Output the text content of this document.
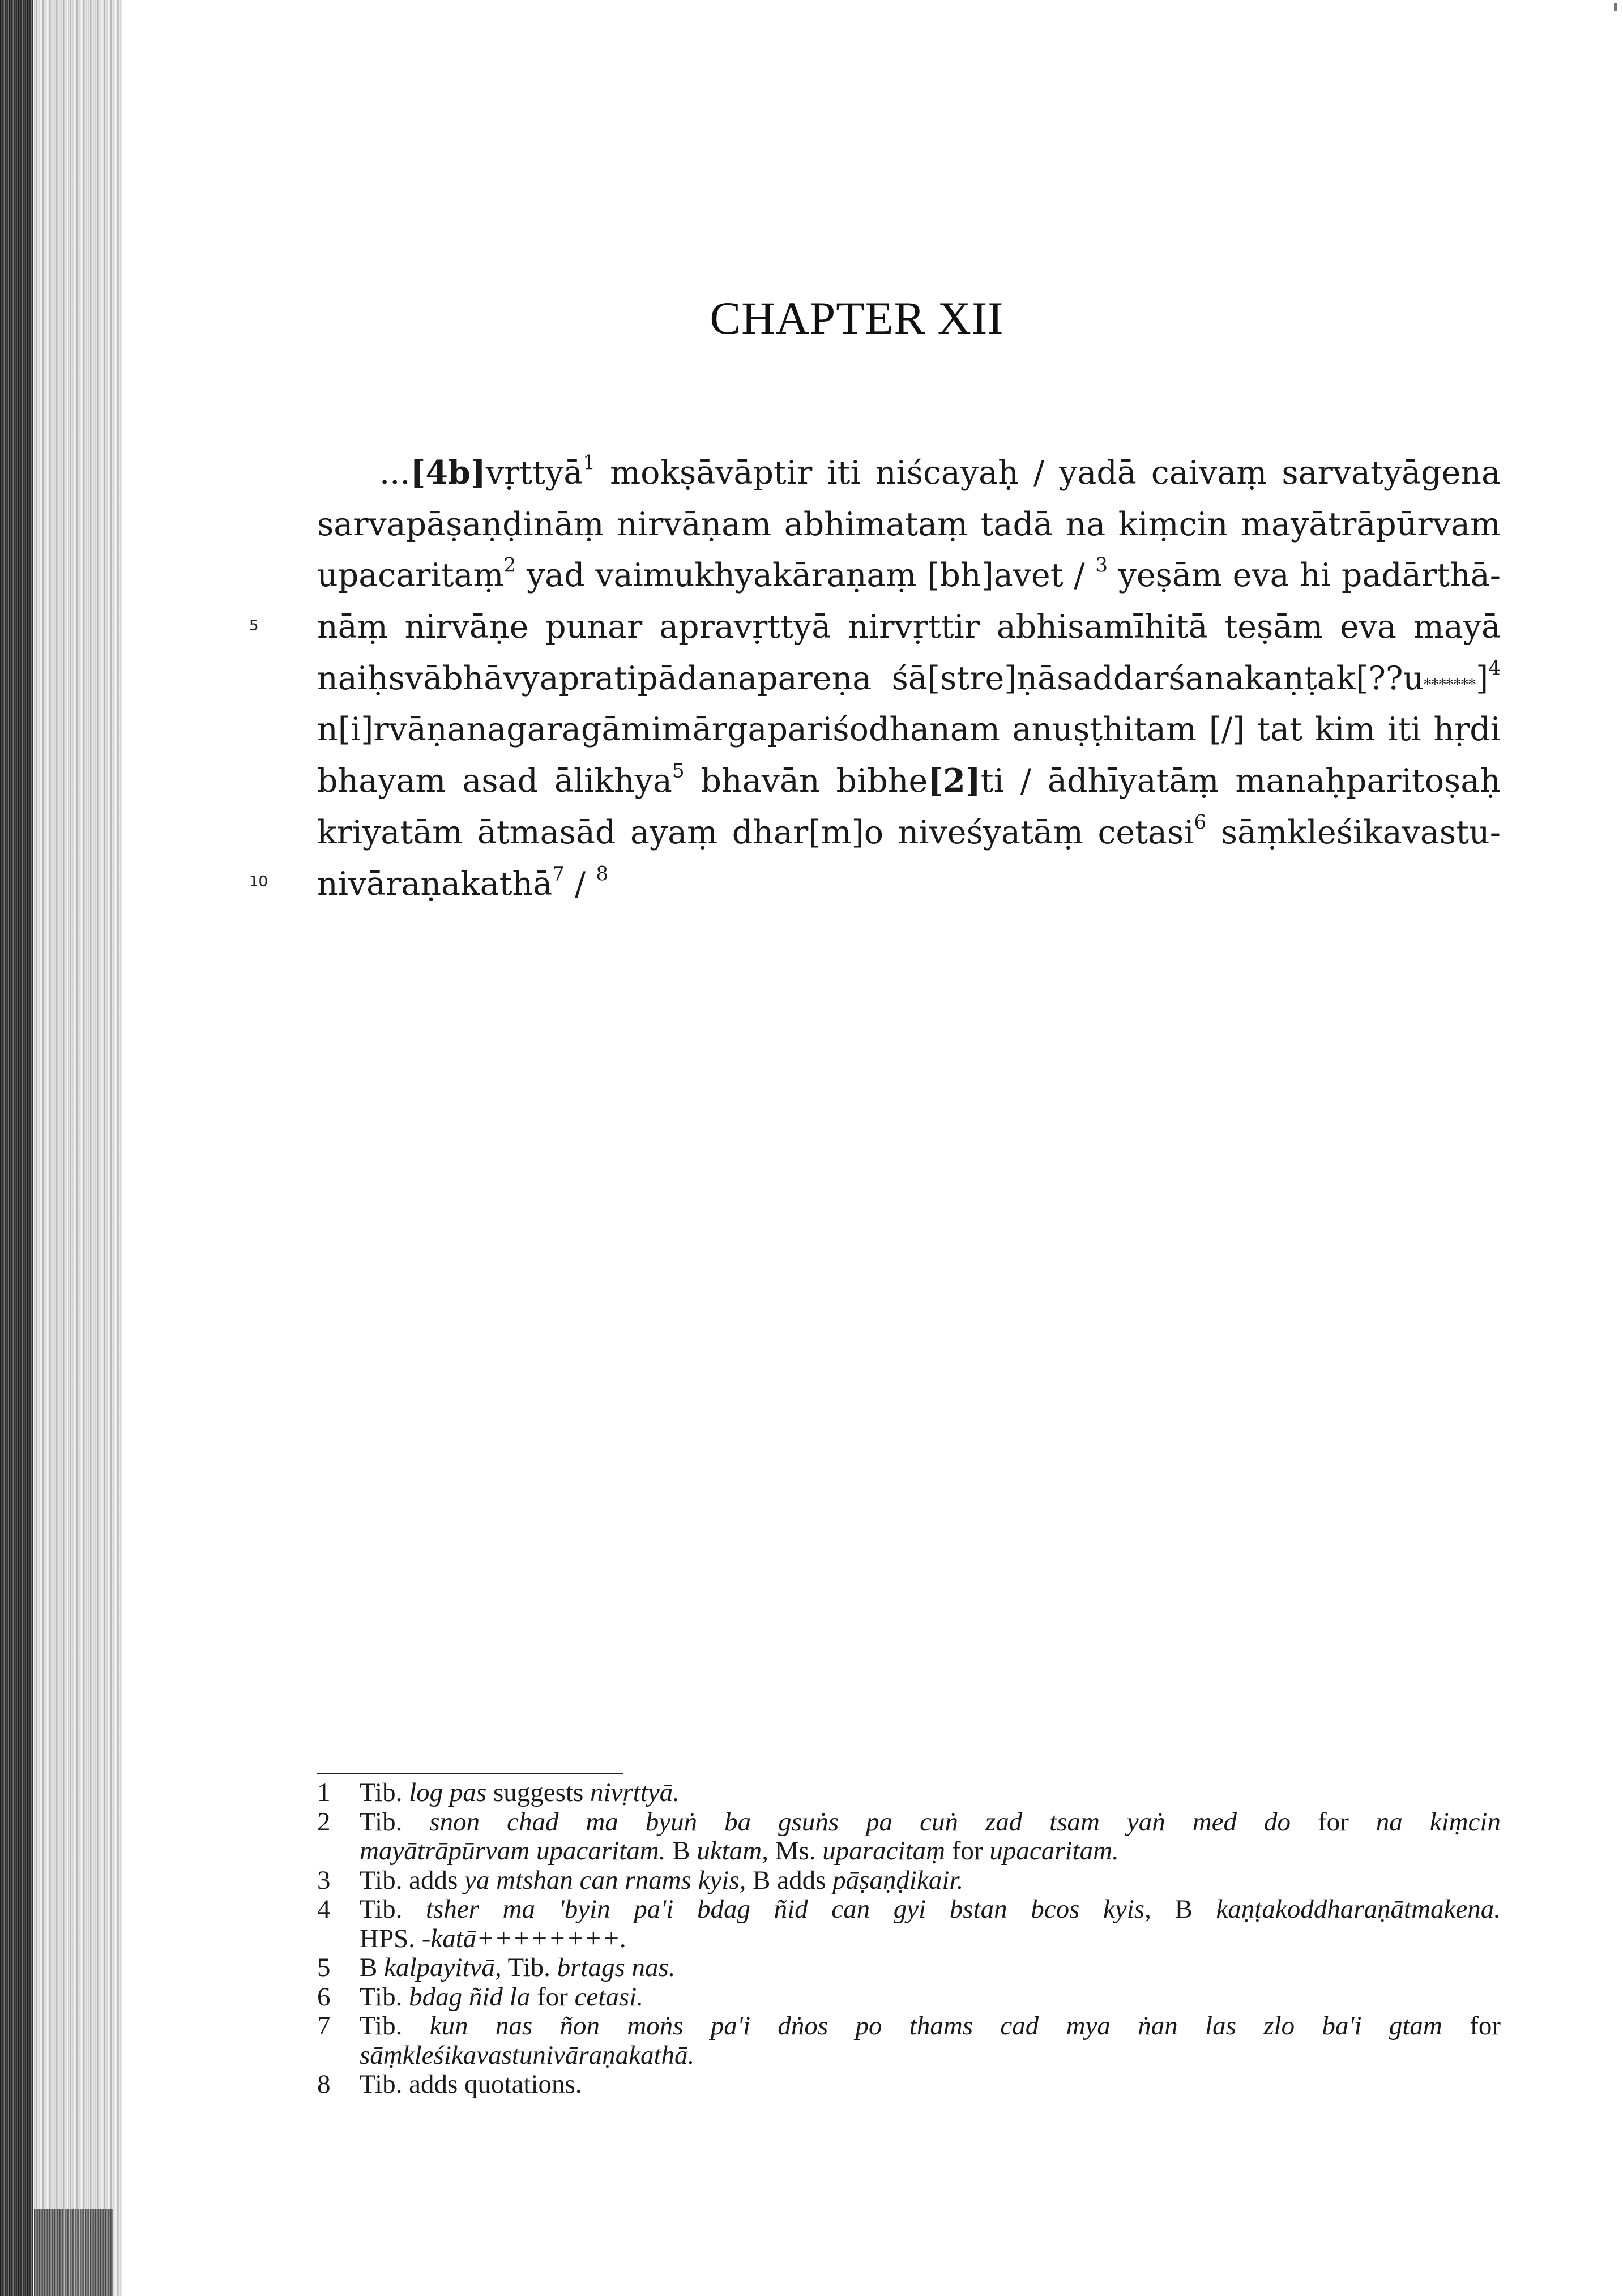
CHAPTER XII
5
10
...[4b]vṛttyā$^1$ mokṣāvāptir iti niścayaḥ / yadā caivaṃ sarvatyāgena
sarvapāṣaṇḍināṃ nirvāṇam abhimataṃ tadā na kiṃcin mayātrāpūrvam
upacaritaṃ$^2$ yad vaimukhyakāraṇaṃ [bh]avet / $^3$ yeṣām eva hi padārthā-
nāṃ nirvāṇe punar apravṛttyā nirvṛttir abhisamīhitā teṣām eva mayā
naiḥsvābhāvyapratipādanapareṇa śā[stre]ṇāsaddarśanakaṇṭak[??u*******]$^4$
n[i]rvāṇanagaragāmimārgapariśodhanam anuṣṭhitam [/] tat kim iti hṛdi
bhayam asad ālikhya$^5$ bhavān bibhe[2]ti / ādhīyatāṃ manaḥparitoṣaḥ
kriyatām ātmasād ayaṃ dhar[m]o niveśyatāṃ cetasi$^6$ sāṃkleśikavastu-
nivāraṇakathā$^7$ / $^8$
1 Tib. log pas suggests nivṛttyā.
2 Tib. snon chad ma byuṅ ba gsuṅs pa cuṅ zad tsam yaṅ med do for na kiṃcin
mayātrāpūrvam upacaritam. B uktam, Ms. uparacitaṃ for upacaritam.
3 Tib. adds ya mtshan can rnams kyis, B adds pāṣaṇḍikair.
4 Tib. tsher ma 'byin pa'i bdag ñid can gyi bstan bcos kyis, B kaṇṭakoddharaṇātmakena.
HPS. -katā++++++++.
5 B kalpayitvā, Tib. brtags nas.
6 Tib. bdag ñid la for cetasi.
7 Tib. kun nas ñon moṅs pa'i dṅos po thams cad mya ṅan las zlo ba'i gtam for
sāṃkleśikavastunivāraṇakathā.
8 Tib. adds quotations.
